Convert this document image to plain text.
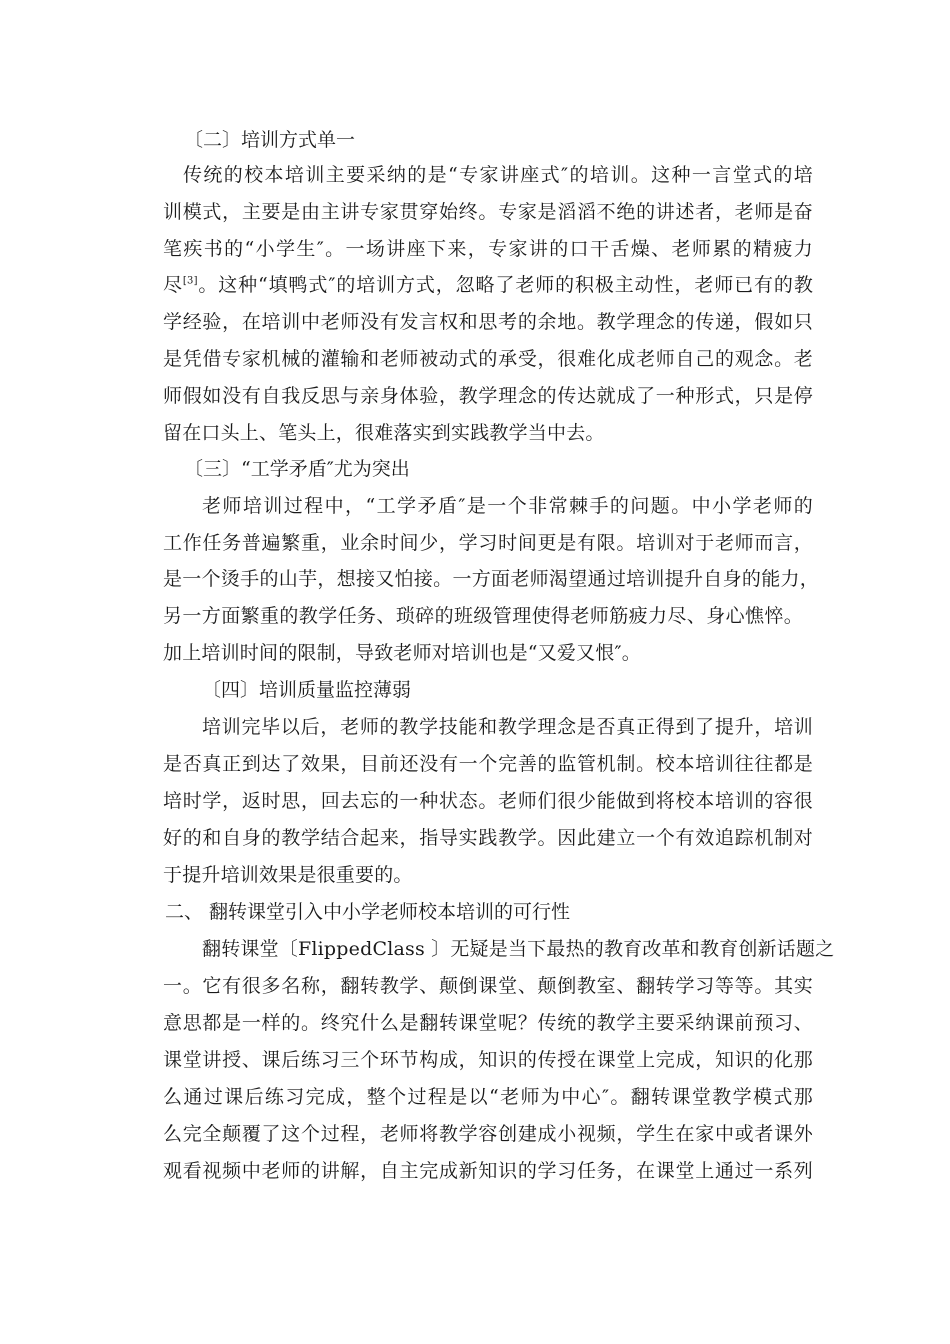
〔二〕培训方式单一
传统的校本培训主要采纳的是“专家讲座式″的培训。这种一言堂式的培
训模式，主要是由主讲专家贯穿始终。专家是滔滔不绝的讲述者，老师是奋
笔疾书的“小学生″。一场讲座下来，专家讲的口干舌燥、老师累的精疲力
尽[3]。这种“填鸭式″的培训方式，忽略了老师的积极主动性，老师已有的教
学经验，在培训中老师没有发言权和思考的余地。教学理念的传递，假如只
是凭借专家机械的灌输和老师被动式的承受，很难化成老师自己的观念。老
师假如没有自我反思与亲身体验，教学理念的传达就成了一种形式，只是停
留在口头上、笔头上，很难落实到实践教学当中去。
〔三〕“工学矛盾″尤为突出
老师培训过程中，“工学矛盾″是一个非常棘手的问题。中小学老师的
工作任务普遍繁重，业余时间少，学习时间更是有限。培训对于老师而言，
是一个烫手的山芋，想接又怕接。一方面老师渴望通过培训提升自身的能力，
另一方面繁重的教学任务、琐碎的班级管理使得老师筋疲力尽、身心憔悴。
加上培训时间的限制，导致老师对培训也是“又爱又恨″。
〔四〕培训质量监控薄弱
培训完毕以后，老师的教学技能和教学理念是否真正得到了提升，培训
是否真正到达了效果，目前还没有一个完善的监管机制。校本培训往往都是
培时学，返时思，回去忘的一种状态。老师们很少能做到将校本培训的容很
好的和自身的教学结合起来，指导实践教学。因此建立一个有效追踪机制对
于提升培训效果是很重要的。
二、 翻转课堂引入中小学老师校本培训的可行性
翻转课堂〔FlippedClass 〕无疑是当下最热的教育改革和教育创新话题之
一。它有很多名称，翻转教学、颠倒课堂、颠倒教室、翻转学习等等。其实
意思都是一样的。终究什么是翻转课堂呢？传统的教学主要采纳课前预习、
课堂讲授、课后练习三个环节构成，知识的传授在课堂上完成，知识的化那
么通过课后练习完成，整个过程是以“老师为中心″。翻转课堂教学模式那
么完全颠覆了这个过程，老师将教学容创建成小视频，学生在家中或者课外
观看视频中老师的讲解，自主完成新知识的学习任务，在课堂上通过一系列
